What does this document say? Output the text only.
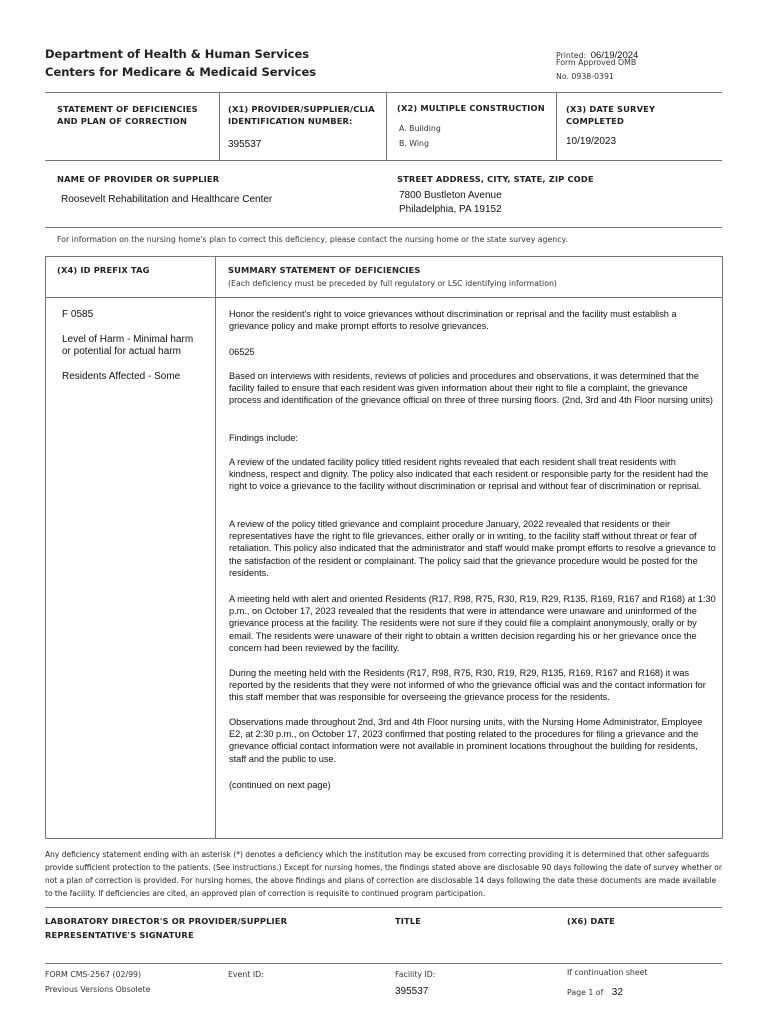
Department of Health & Human Services
Centers for Medicare & Medicaid Services
Printed: 06/19/2024
Form Approved OMB
No. 0938-0391
STATEMENT OF DEFICIENCIES AND PLAN OF CORRECTION
(X1) PROVIDER/SUPPLIER/CLIA IDENTIFICATION NUMBER:
395537
(X2) MULTIPLE CONSTRUCTION
A. Building
B. Wing
(X3) DATE SURVEY COMPLETED
10/19/2023
NAME OF PROVIDER OR SUPPLIER
Roosevelt Rehabilitation and Healthcare Center
STREET ADDRESS, CITY, STATE, ZIP CODE
7800 Bustleton Avenue
Philadelphia, PA 19152
For information on the nursing home's plan to correct this deficiency, please contact the nursing home or the state survey agency.
(X4) ID PREFIX TAG	SUMMARY STATEMENT OF DEFICIENCIES
(Each deficiency must be preceded by full regulatory or LSC identifying information)
F 0585
Level of Harm - Minimal harm
or potential for actual harm
Residents Affected - Some
Honor the resident's right to voice grievances without discrimination or reprisal and the facility must establish a grievance policy and make prompt efforts to resolve grievances.
06525
Based on interviews with residents, reviews of policies and procedures and observations, it was determined that the facility failed to ensure that each resident was given information about their right to file a complaint, the grievance process and identification of the grievance official on three of three nursing floors. (2nd, 3rd and 4th Floor nursing units)
Findings include:
A review of the undated facility policy titled resident rights revealed that each resident shall treat residents with kindness, respect and dignity. The policy also indicated that each resident or responsible party for the resident had the right to voice a grievance to the facility without discrimination or reprisal and without fear of discrimination or reprisal.
A review of the policy titled grievance and complaint procedure January, 2022 revealed that residents or their representatives have the right to file grievances, either orally or in writing, to the facility staff without threat or fear of retaliation. This policy also indicated that the administrator and staff would make prompt efforts to resolve a grievance to the satisfaction of the resident or complainant. The policy said that the grievance procedure would be posted for the residents.
A meeting held with alert and oriented Residents (R17, R98, R75, R30, R19, R29, R135, R169, R167 and R168) at 1:30 p.m., on October 17, 2023 revealed that the residents that were in attendance were unaware and uninformed of the grievance process at the facility. The residents were not sure if they could file a complaint anonymously, orally or by email. The residents were unaware of their right to obtain a written decision regarding his or her grievance once the concern had been reviewed by the facility.
During the meeting held with the Residents (R17, R98, R75, R30, R19, R29, R135, R169, R167 and R168) it was reported by the residents that they were not informed of who the grievance official was and the contact information for this staff member that was responsible for overseeing the grievance process for the residents.
Observations made throughout 2nd, 3rd and 4th Floor nursing units, with the Nursing Home Administrator, Employee E2, at 2:30 p.m., on October 17, 2023 confirmed that posting related to the procedures for filing a grievance and the grievance official contact information were not available in prominent locations throughout the building for residents, staff and the public to use.
(continued on next page)
Any deficiency statement ending with an asterisk (*) denotes a deficiency which the institution may be excused from correcting providing it is determined that other safeguards provide sufficient protection to the patients. (See instructions.) Except for nursing homes, the findings stated above are disclosable 90 days following the date of survey whether or not a plan of correction is provided. For nursing homes, the above findings and plans of correction are disclosable 14 days following the date these documents are made available to the facility. If deficiencies are cited, an approved plan of correction is requisite to continued program participation.
LABORATORY DIRECTOR'S OR PROVIDER/SUPPLIER
REPRESENTATIVE'S SIGNATURE
TITLE	(X6) DATE
FORM CMS-2567 (02/99)
Previous Versions Obsolete
Event ID:	Facility ID:
395537
If continuation sheet
Page 1 of 32
